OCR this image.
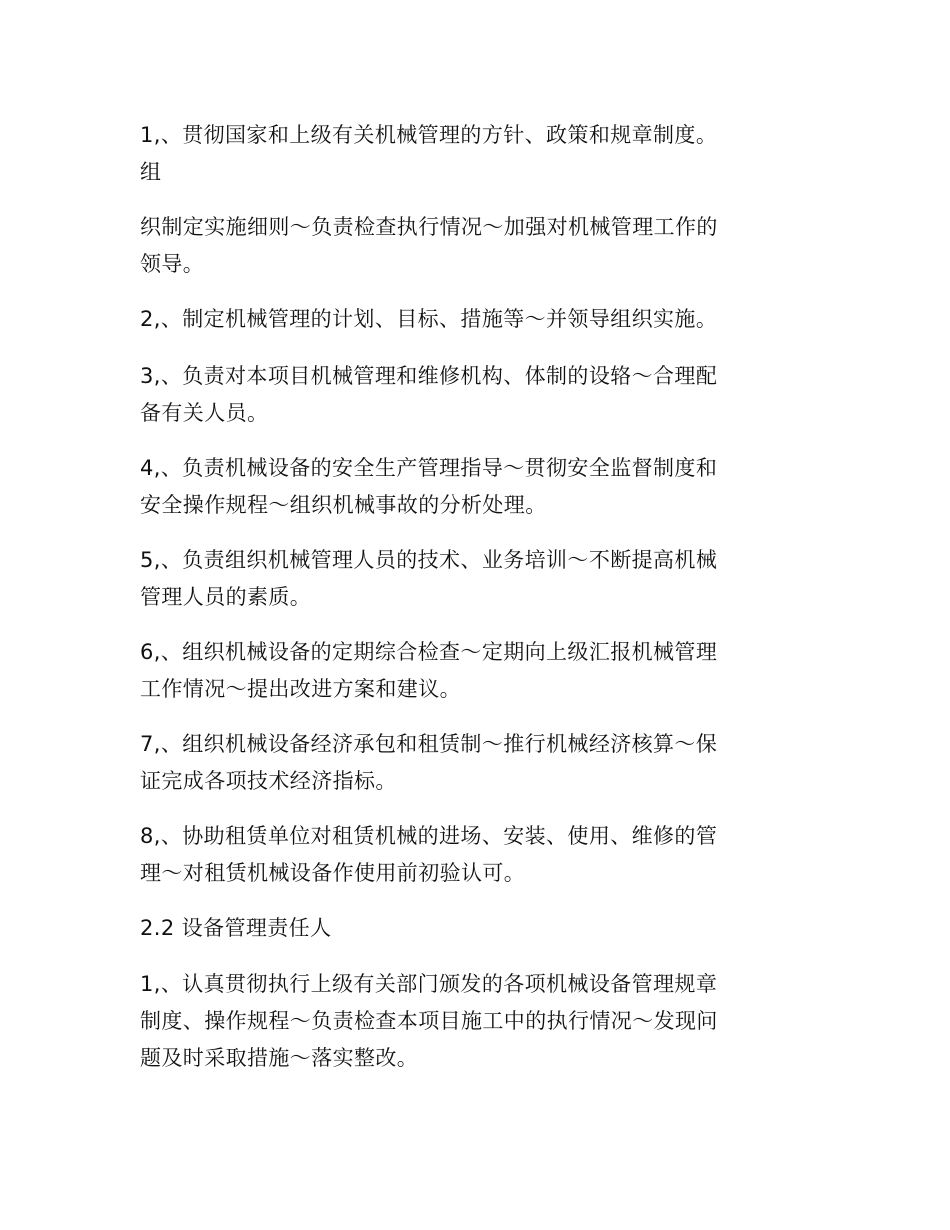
1,、贯彻国家和上级有关机械管理的方针、政策和规章制度。
组

织制定实施细则～负责检查执行情况～加强对机械管理工作的
领导。

2,、制定机械管理的计划、目标、措施等～并领导组织实施。

3,、负责对本项目机械管理和维修机构、体制的设辂～合理配
备有关人员。

4,、负责机械设备的安全生产管理指导～贯彻安全监督制度和
安全操作规程～组织机械事故的分析处理。

5,、负责组织机械管理人员的技术、业务培训～不断提高机械
管理人员的素质。

6,、组织机械设备的定期综合检查～定期向上级汇报机械管理
工作情况～提出改进方案和建议。

7,、组织机械设备经济承包和租赁制～推行机械经济核算～保
证完成各项技术经济指标。

8,、协助租赁单位对租赁机械的进场、安装、使用、维修的管
理～对租赁机械设备作使用前初验认可。

2.2 设备管理责任人

1,、认真贯彻执行上级有关部门颁发的各项机械设备管理规章
制度、操作规程～负责检查本项目施工中的执行情况～发现问
题及时采取措施～落实整改。
